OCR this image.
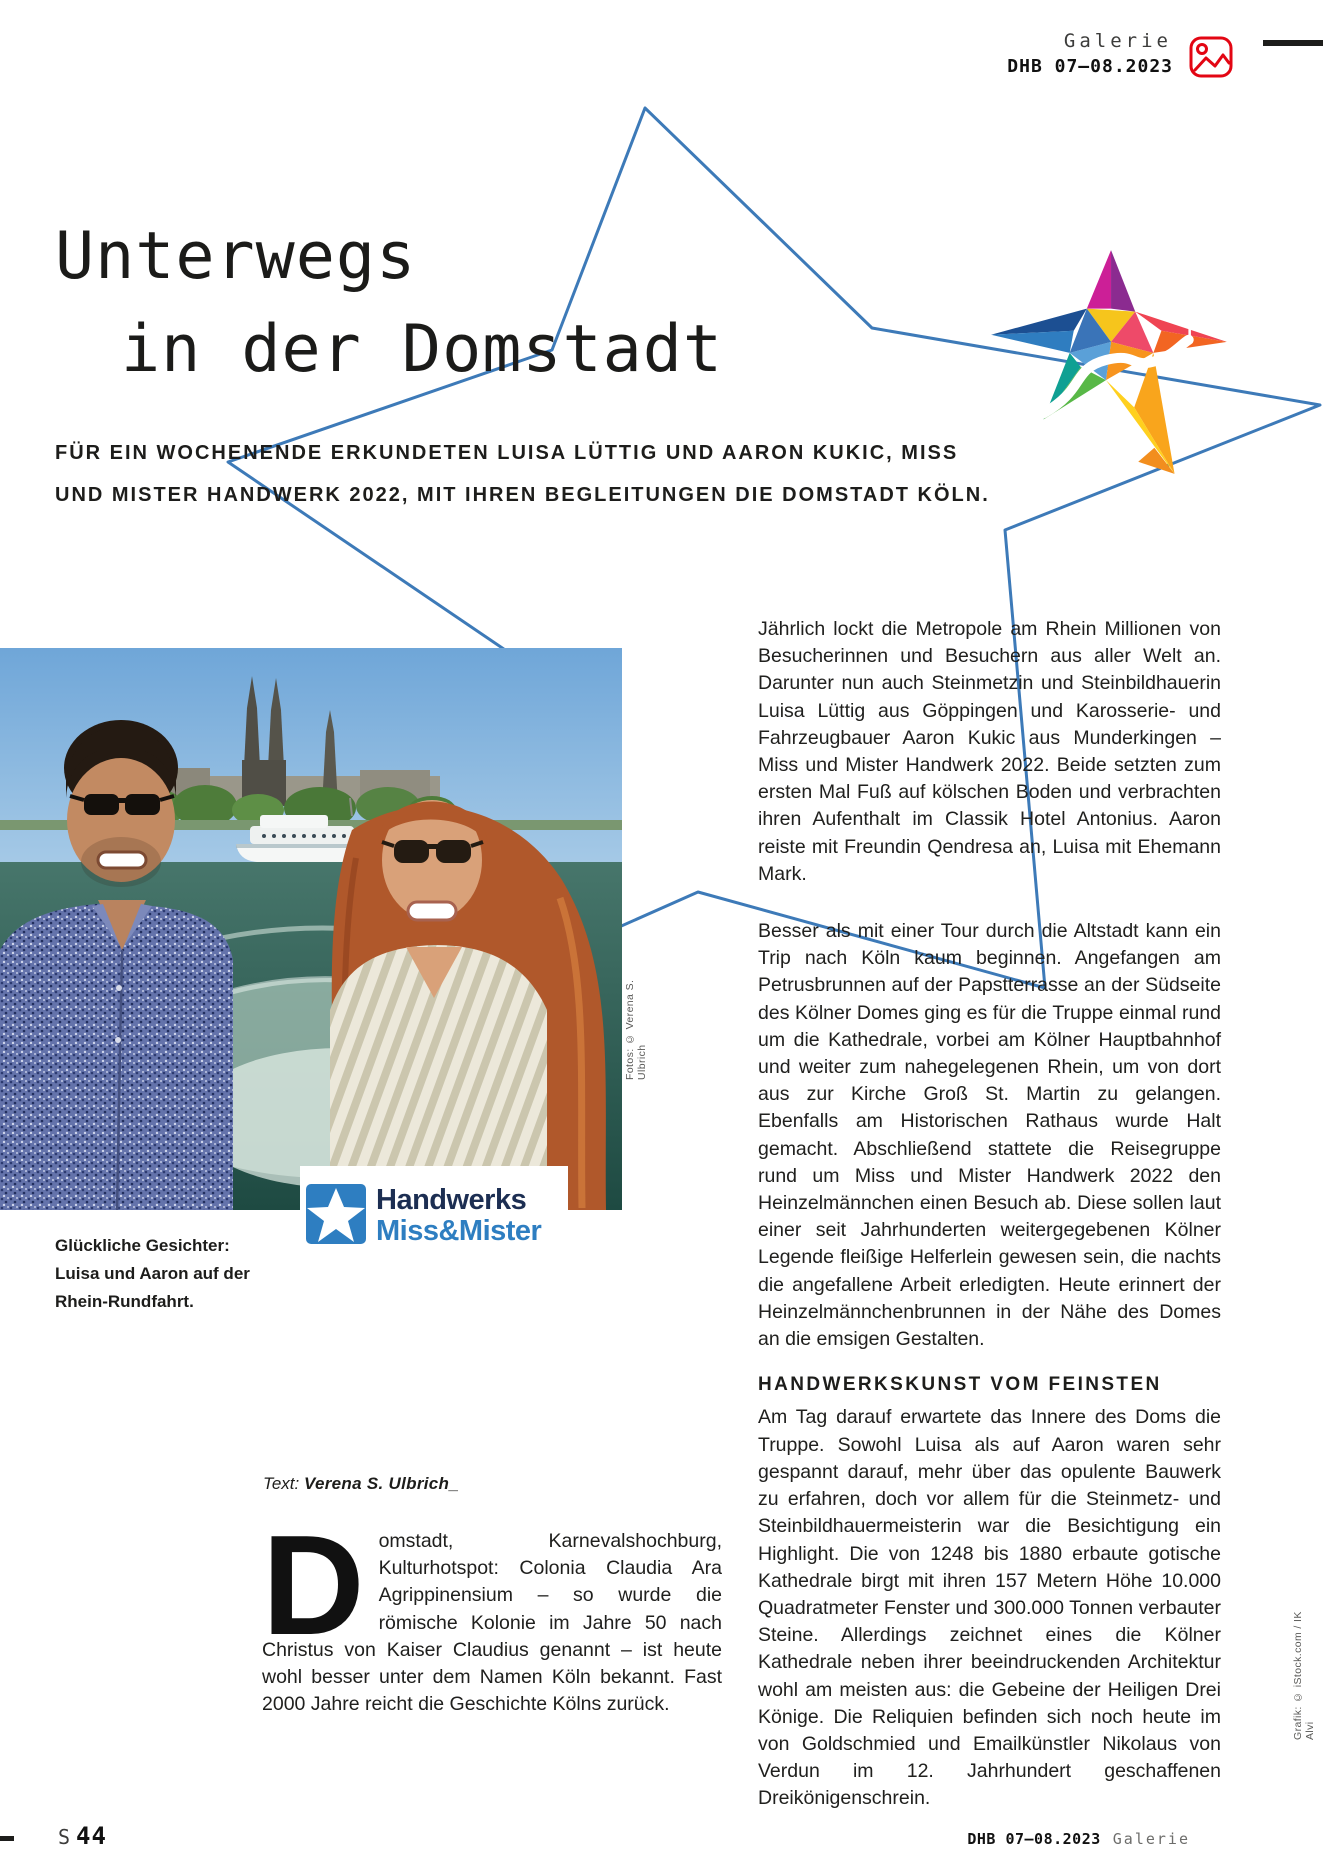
Galerie
DHB 07–08.2023
Unterwegs
in der Domstadt
FÜR EIN WOCHENENDE ERKUNDETEN LUISA LÜTTIG UND AARON KUKIC, MISS
UND MISTER HANDWERK 2022, MIT IHREN BEGLEITUNGEN DIE DOMSTADT KÖLN.
Fotos: © Verena S. Ulbrich
Handwerks
Miss&Mister
Glückliche Gesichter:
Luisa und Aaron auf der
Rhein-Rundfahrt.

Jährlich lockt die Metropole am Rhein Millionen von Besucherinnen und Besuchern aus aller Welt an. Darunter nun auch Steinmetzin und Steinbildhauerin Luisa Lüttig aus Göppingen und Karosserie- und Fahrzeugbauer Aaron Kukic aus Munderkingen – Miss und Mister Handwerk 2022. Beide setzten zum ersten Mal Fuß auf kölschen Boden und verbrachten ihren Aufenthalt im Classik Hotel Antonius. Aaron reiste mit Freundin Qendresa an, Luisa mit Ehemann Mark.

Besser als mit einer Tour durch die Altstadt kann ein Trip nach Köln kaum beginnen. Angefangen am Petrusbrunnen auf der Papstterrasse an der Südseite des Kölner Domes ging es für die Truppe einmal rund um die Kathedrale, vorbei am Kölner Hauptbahnhof und weiter zum nahegelegenen Rhein, um von dort aus zur Kirche Groß St. Martin zu gelangen. Ebenfalls am Historischen Rathaus wurde Halt gemacht. Abschließend stattete die Reisegruppe rund um Miss und Mister Handwerk 2022 den Heinzelmännchen einen Besuch ab. Diese sollen laut einer seit Jahrhunderten weitergegebenen Kölner Legende fleißige Helferlein gewesen sein, die nachts die angefallene Arbeit erledigten. Heute erinnert der Heinzelmännchenbrunnen in der Nähe des Domes an die emsigen Gestalten.

HANDWERKSKUNST VOM FEINSTEN

Am Tag darauf erwartete das Innere des Doms die Truppe. Sowohl Luisa als auf Aaron waren sehr gespannt darauf, mehr über das opulente Bauwerk zu erfahren, doch vor allem für die Steinmetz- und Steinbildhauermeisterin war die Besichtigung ein Highlight. Die von 1248 bis 1880 erbaute gotische Kathedrale birgt mit ihren 157 Metern Höhe 10.000 Quadratmeter Fenster und 300.000 Tonnen verbauter Steine. Allerdings zeichnet eines die Kölner Kathedrale neben ihrer beeindruckenden Architektur wohl am meisten aus: die Gebeine der Heiligen Drei Könige. Die Reliquien befinden sich noch heute im von Goldschmied und Emailkünstler Nikolaus von Verdun im 12. Jahrhundert geschaffenen Dreikönigenschrein.

Text: Verena S. Ulbrich_

Domstadt, Karnevalshochburg, Kulturhotspot: Colonia Claudia Ara Agrippinensium – so wurde die römische Kolonie im Jahre 50 nach Christus von Kaiser Claudius genannt – ist heute wohl besser unter dem Namen Köln bekannt. Fast 2000 Jahre reicht die Geschichte Kölns zurück.

S 44	DHB 07–08.2023 Galerie
Grafik: © iStock.com / IK Alvi
